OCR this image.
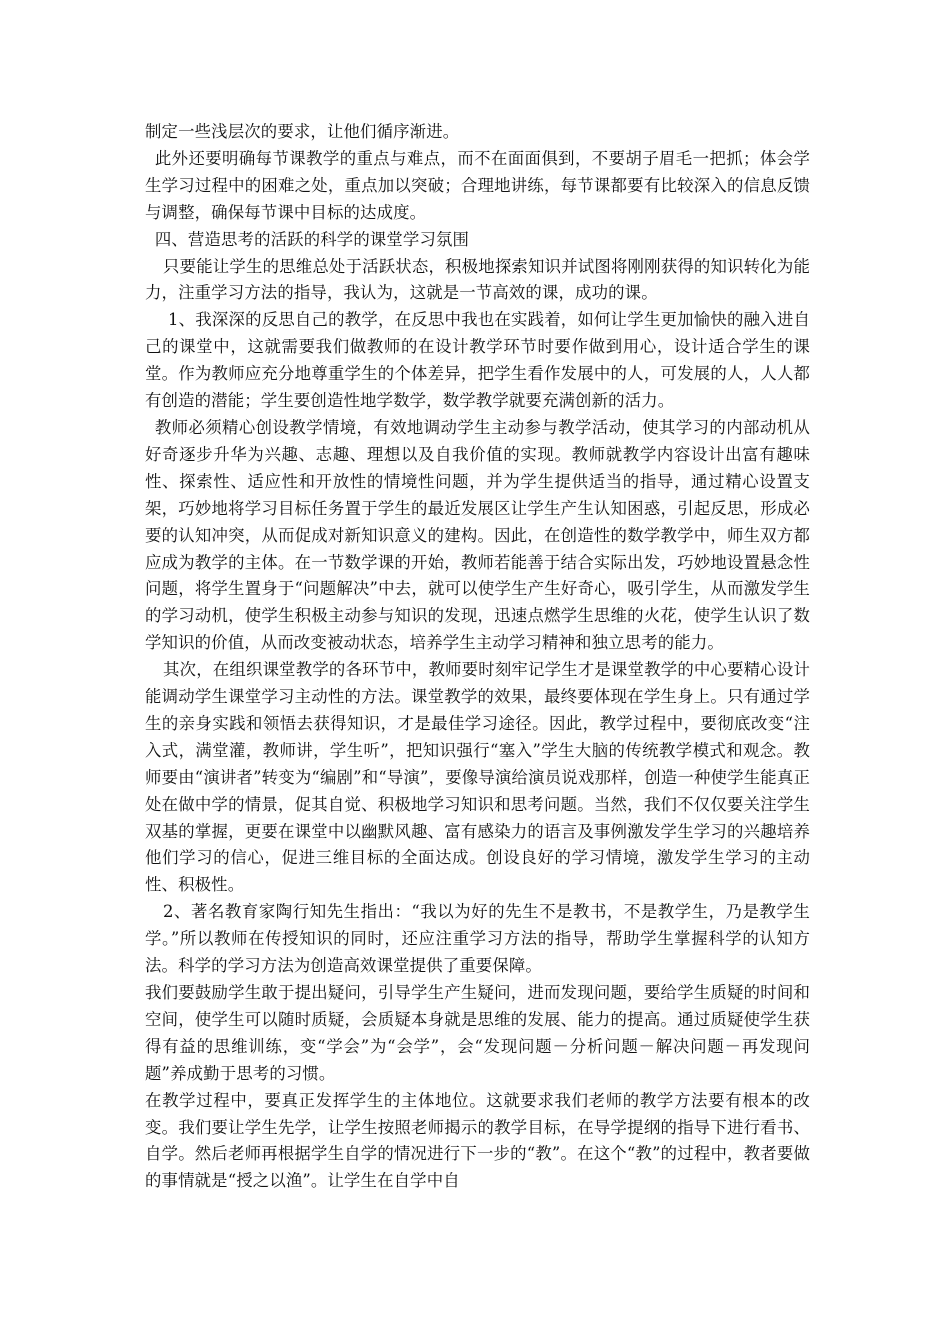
制定一些浅层次的要求，让他们循序渐进。

此外还要明确每节课教学的重点与难点，而不在面面俱到，不要胡子眉毛一把抓；体会学生学习过程中的困难之处，重点加以突破；合理地讲练，每节课都要有比较深入的信息反馈与调整，确保每节课中目标的达成度。

四、营造思考的活跃的科学的课堂学习氛围

只要能让学生的思维总处于活跃状态，积极地探索知识并试图将刚刚获得的知识转化为能力，注重学习方法的指导，我认为，这就是一节高效的课，成功的课。

1、我深深的反思自己的教学，在反思中我也在实践着，如何让学生更加愉快的融入进自己的课堂中，这就需要我们做教师的在设计教学环节时要作做到用心，设计适合学生的课堂。作为教师应充分地尊重学生的个体差异，把学生看作发展中的人，可发展的人，人人都有创造的潜能；学生要创造性地学数学，数学教学就要充满创新的活力。

教师必须精心创设教学情境，有效地调动学生主动参与教学活动，使其学习的内部动机从好奇逐步升华为兴趣、志趣、理想以及自我价值的实现。教师就教学内容设计出富有趣味性、探索性、适应性和开放性的情境性问题，并为学生提供适当的指导，通过精心设置支架，巧妙地将学习目标任务置于学生的最近发展区让学生产生认知困惑，引起反思，形成必要的认知冲突，从而促成对新知识意义的建构。因此，在创造性的数学教学中，师生双方都应成为教学的主体。在一节数学课的开始，教师若能善于结合实际出发，巧妙地设置悬念性问题，将学生置身于“问题解决”中去，就可以使学生产生好奇心，吸引学生，从而激发学生的学习动机，使学生积极主动参与知识的发现，迅速点燃学生思维的火花，使学生认识了数学知识的价值，从而改变被动状态，培养学生主动学习精神和独立思考的能力。

其次，在组织课堂教学的各环节中，教师要时刻牢记学生才是课堂教学的中心要精心设计能调动学生课堂学习主动性的方法。课堂教学的效果，最终要体现在学生身上。只有通过学生的亲身实践和领悟去获得知识，才是最佳学习途径。因此，教学过程中，要彻底改变“注入式，满堂灌，教师讲，学生听”，把知识强行“塞入”学生大脑的传统教学模式和观念。教师要由“演讲者”转变为“编剧”和“导演”，要像导演给演员说戏那样，创造一种使学生能真正处在做中学的情景，促其自觉、积极地学习知识和思考问题。当然，我们不仅仅要关注学生双基的掌握，更要在课堂中以幽默风趣、富有感染力的语言及事例激发学生学习的兴趣培养他们学习的信心，促进三维目标的全面达成。创设良好的学习情境，激发学生学习的主动性、积极性。

2、著名教育家陶行知先生指出：“我以为好的先生不是教书，不是教学生，乃是教学生学。”所以教师在传授知识的同时，还应注重学习方法的指导，帮助学生掌握科学的认知方法。科学的学习方法为创造高效课堂提供了重要保障。

我们要鼓励学生敢于提出疑问，引导学生产生疑问，进而发现问题，要给学生质疑的时间和空间，使学生可以随时质疑，会质疑本身就是思维的发展、能力的提高。通过质疑使学生获得有益的思维训练，变“学会”为“会学”，会“发现问题－分析问题－解决问题－再发现问题”养成勤于思考的习惯。

在教学过程中，要真正发挥学生的主体地位。这就要求我们老师的教学方法要有根本的改变。我们要让学生先学，让学生按照老师揭示的教学目标，在导学提纲的指导下进行看书、自学。然后老师再根据学生自学的情况进行下一步的“教”。在这个“教”的过程中，教者要做的事情就是“授之以渔”。让学生在自学中自
